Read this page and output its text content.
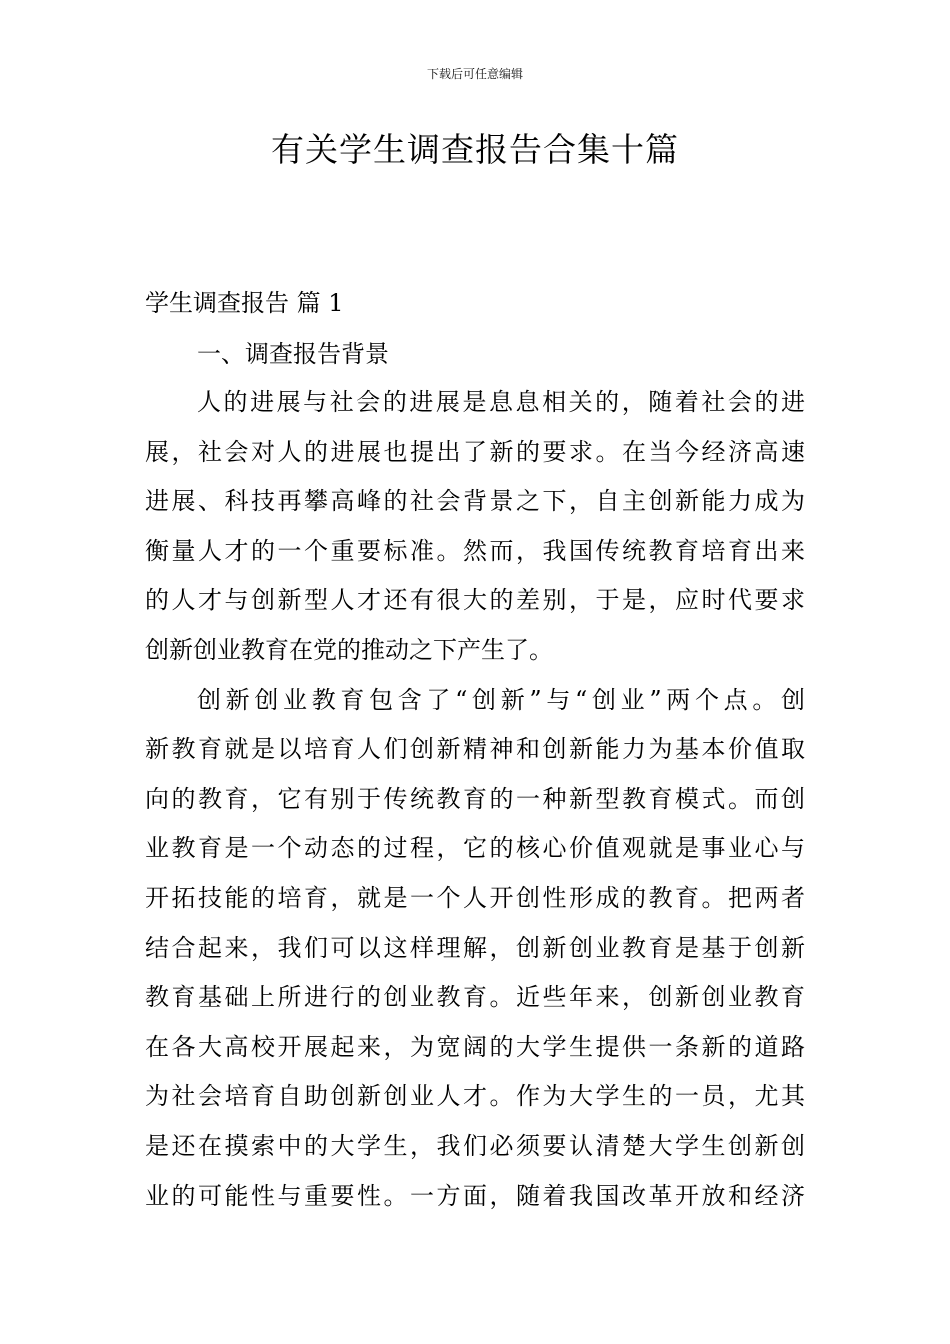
下载后可任意编辑
有关学生调查报告合集十篇

学生调查报告 篇 1

一、调查报告背景

人的进展与社会的进展是息息相关的，随着社会的进
展，社会对人的进展也提出了新的要求。在当今经济高速
进展、科技再攀高峰的社会背景之下，自主创新能力成为
衡量人才的一个重要标准。然而，我国传统教育培育出来
的人才与创新型人才还有很大的差别，于是，应时代要求
创新创业教育在党的推动之下产生了。

创新创业教育包含了“创新”与“创业”两个点。创
新教育就是以培育人们创新精神和创新能力为基本价值取
向的教育，它有别于传统教育的一种新型教育模式。而创
业教育是一个动态的过程，它的核心价值观就是事业心与
开拓技能的培育，就是一个人开创性形成的教育。把两者
结合起来，我们可以这样理解，创新创业教育是基于创新
教育基础上所进行的创业教育。近些年来，创新创业教育
在各大高校开展起来，为宽阔的大学生提供一条新的道路
为社会培育自助创新创业人才。作为大学生的一员，尤其
是还在摸索中的大学生，我们必须要认清楚大学生创新创
业的可能性与重要性。一方面，随着我国改革开放和经济
